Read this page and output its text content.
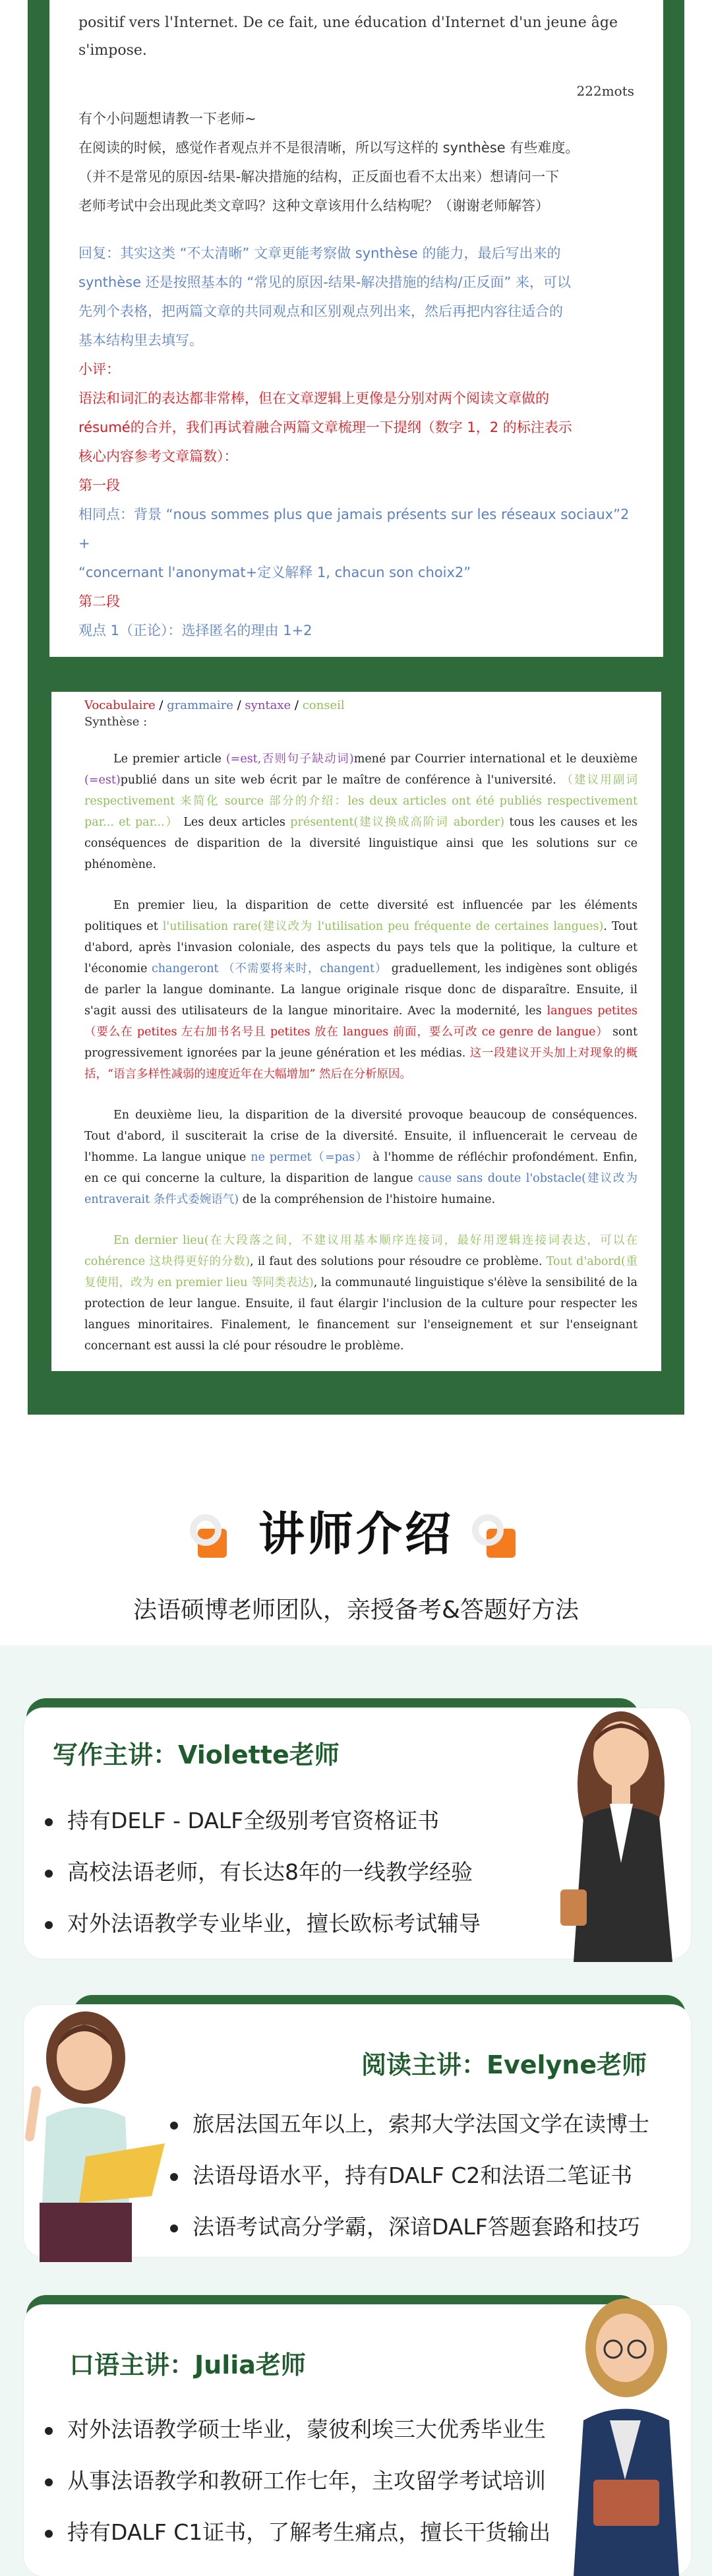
positif vers l'Internet. De ce fait, une éducation d'Internet d'un jeune âge s'impose.
222mots
有个小问题想请教一下老师~
在阅读的时候，感觉作者观点并不是很清晰，所以写这样的 synthèse 有些难度。
（并不是常见的原因-结果-解决措施的结构，正反面也看不太出来）想请问一下
老师考试中会出现此类文章吗？这种文章该用什么结构呢？（谢谢老师解答）
回复：其实这类 “不太清晰” 文章更能考察做 synthèse 的能力，最后写出来的
synthèse 还是按照基本的 “常见的原因-结果-解决措施的结构/正反面” 来，可以
先列个表格，把两篇文章的共同观点和区别观点列出来，然后再把内容往适合的
基本结构里去填写。
小评：
语法和词汇的表达都非常棒，但在文章逻辑上更像是分别对两个阅读文章做的
résumé的合并，我们再试着融合两篇文章梳理一下提纲（数字 1，2 的标注表示
核心内容参考文章篇数）：
第一段
相同点：背景 “nous sommes plus que jamais présents sur les réseaux sociaux”2 +
“concernant l'anonymat+定义解释 1, chacun son choix2”
第二段
观点 1（正论）：选择匿名的理由 1+2
Vocabulaire / grammaire / syntaxe / conseil
Synthèse :
Le premier article (=est,否则句子缺动词)mené par Courrier international et le deuxième (=est)publié dans un site web écrit par le maître de conférence à l'université. （建议用副词 respectivement 来简化 source 部分的介绍：les deux articles ont été publiés respectivement par... et par...） Les deux articles présentent(建议换成高阶词 aborder) tous les causes et les conséquences de disparition de la diversité linguistique ainsi que les solutions sur ce phénomène.
En premier lieu, la disparition de cette diversité est influencée par les éléments politiques et l'utilisation rare(建议改为 l'utilisation peu fréquente de certaines langues). Tout d'abord, après l'invasion coloniale, des aspects du pays tels que la politique, la culture et l'économie changeront （不需要将来时，changent） graduellement, les indigènes sont obligés de parler la langue dominante. La langue originale risque donc de disparaître. Ensuite, il s'agit aussi des utilisateurs de la langue minoritaire. Avec la modernité, les langues petites（要么在 petites 左右加书名号且 petites 放在 langues 前面，要么可改 ce genre de langue） sont progressivement ignorées par la jeune génération et les médias. 这一段建议开头加上对现象的概括，“语言多样性减弱的速度近年在大幅增加” 然后在分析原因。
En deuxième lieu, la disparition de la diversité provoque beaucoup de conséquences. Tout d'abord, il susciterait la crise de la diversité. Ensuite, il influencerait le cerveau de l'homme. La langue unique ne permet（=pas） à l'homme de réfléchir profondément. Enfin, en ce qui concerne la culture, la disparition de langue cause sans doute l'obstacle(建议改为 entraverait 条件式委婉语气) de la compréhension de l'histoire humaine.
En dernier lieu(在大段落之间，不建议用基本顺序连接词，最好用逻辑连接词表达，可以在 cohérence 这块得更好的分数), il faut des solutions pour résoudre ce problème. Tout d'abord(重复使用，改为 en premier lieu 等同类表达), la communauté linguistique s'élève la sensibilité de la protection de leur langue. Ensuite, il faut élargir l'inclusion de la culture pour respecter les langues minoritaires. Finalement, le financement sur l'enseignement et sur l'enseignant concernant est aussi la clé pour résoudre le problème.
讲师介绍
法语硕博老师团队，亲授备考&答题好方法
写作主讲：Violette老师
持有DELF - DALF全级别考官资格证书
高校法语老师，有长达8年的一线教学经验
对外法语教学专业毕业，擅长欧标考试辅导
阅读主讲：Evelyne老师
旅居法国五年以上，索邦大学法国文学在读博士
法语母语水平，持有DALF C2和法语二笔证书
法语考试高分学霸，深谙DALF答题套路和技巧
口语主讲：Julia老师
对外法语教学硕士毕业，蒙彼利埃三大优秀毕业生
从事法语教学和教研工作七年，主攻留学考试培训
持有DALF C1证书，了解考生痛点，擅长干货输出
